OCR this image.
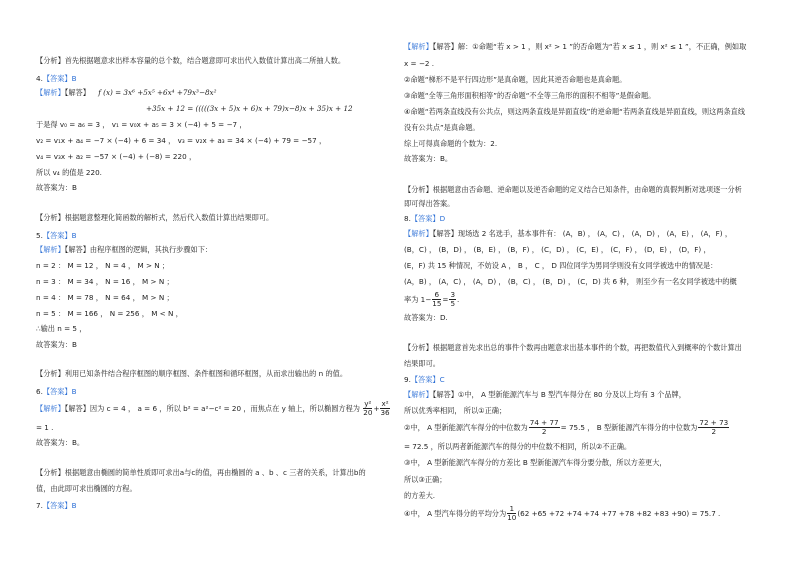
【分析】首先根据题意求出样本容量的总个数，结合题意即可求出代入数值计算出高二所抽人数。
4.【答案】B
【解析】【解答】 f (x) = 3x⁶ +5x⁵ +6x⁴ +79x³−8x²
+35x + 12 = (((((3x + 5)x + 6)x + 79)x−8)x + 35)x + 12
于是得 v₀ = a₆ = 3 ， v₁ = v₀x + a₅ = 3 × (−4) + 5 = −7 ，
v₂ = v₁x + a₄ = −7 × (−4) + 6 = 34 ， v₃ = v₂x + a₃ = 34 × (−4) + 79 = −57 ，
v₄ = v₃x + a₂ = −57 × (−4) + (−8) = 220 ，
所以 v₄ 的值是 220.
故答案为：B
【分析】根据题意整理化简函数的解析式，然后代入数值计算出结果即可。
5.【答案】B
【解析】【解答】由程序框图的逻辑，其执行步骤如下：
n = 2 ： M = 12 ， N = 4 ， M > N ；
n = 3 ： M = 34 ， N = 16 ， M > N ；
n = 4 ： M = 78 ， N = 64 ， M > N ；
n = 5 ： M = 166 ， N = 256 ， M < N ，
∴输出 n = 5 ，
故答案为：B
【分析】利用已知条件结合程序框图的顺序框图、条件框图和循环框图，从而求出输出的 n 的值。
6.【答案】B
【解析】【解答】因为 c = 4 ， a = 6 ，所以 b² = a²−c² = 20 ，而焦点在 y 轴上，所以椭圆方程为 $\frac{\text{y²}}{20} + \frac{\text{x²}}{36}$
= 1 .
故答案为：B。
【分析】根据题意由椭圆的简单性质即可求出a与c的值，再由椭圆的 a 、b 、c 三者的关系，计算出b的
值，由此即可求出椭圆的方程。
7.【答案】B
【解析】【解答】解：①命题“若 x > 1 ，则 x² > 1 ”的否命题为“若 x ≤ 1 ，则 x² ≤ 1 ”，不正确，例如取
x = −2 .
②命题“梯形不是平行四边形”是真命题，因此其逆否命题也是真命题。
③命题“全等三角形面积相等”的否命题“不全等三角形的面积不相等”是假命题。
④命题“若两条直线没有公共点，则这两条直线是异面直线”的逆命题“若两条直线是异面直线，则这两条直线
没有公共点”是真命题。
综上可得真命题的个数为：2.
故答案为：B。
【分析】根据题意由否命题、逆命题以及逆否命题的定义结合已知条件，由命题的真假判断对选项逐一分析
即可得出答案。
8.【答案】D
【解析】【解答】现场选 2 名选手，基本事件有： (A，B) ， (A，C) ， (A，D) ， (A，E) ， (A，F) ，
(B，C) ， (B，D) ， (B，E) ， (B，F) ， (C，D) ， (C，E) ， (C，F) ， (D，E) ， (D，F) ，
(E，F) 共 15 种情况，不妨设 A ， B ， C ， D 四位同学为男同学则没有女同学被选中的情况是：
(A，B) ， (A，C) ， (A，D) ， (B，C) ， (B，D) ， (C，D) 共 6 种， 则至少有一名女同学被选中的概
率为 $1- \frac{6}{15} = \frac{3}{5}$ .
故答案为：D.
【分析】根据题意首先求出总的事件个数再由题意求出基本事件的个数，再把数值代入到概率的个数计算出
结果即可。
9.【答案】C
【解析】【解答】①中， A 型新能源汽车与 B 型汽车得分在 80 分及以上均有 3 个品牌，
所以优秀率相同， 所以①正确；
②中， A 型新能源汽车得分的中位数为 $\frac{74 + 77}{2} = 75.5$ ， B 型新能源汽车得分的中位数为 $\frac{72 + 73}{2}$
= 72.5 ，所以两者新能源汽车的得分的中位数不相同，所以②不正确。
③中， A 型新能源汽车得分的方差比 B 型新能源汽车得分要分散，所以方差更大，
所以③正确；
的方差大.
④中， A 型汽车得分的平均分为 $\frac{1}{10} (62 +65 +72 +74 +74 +77 +78 +82 +83 +90) = 75.7$ .
